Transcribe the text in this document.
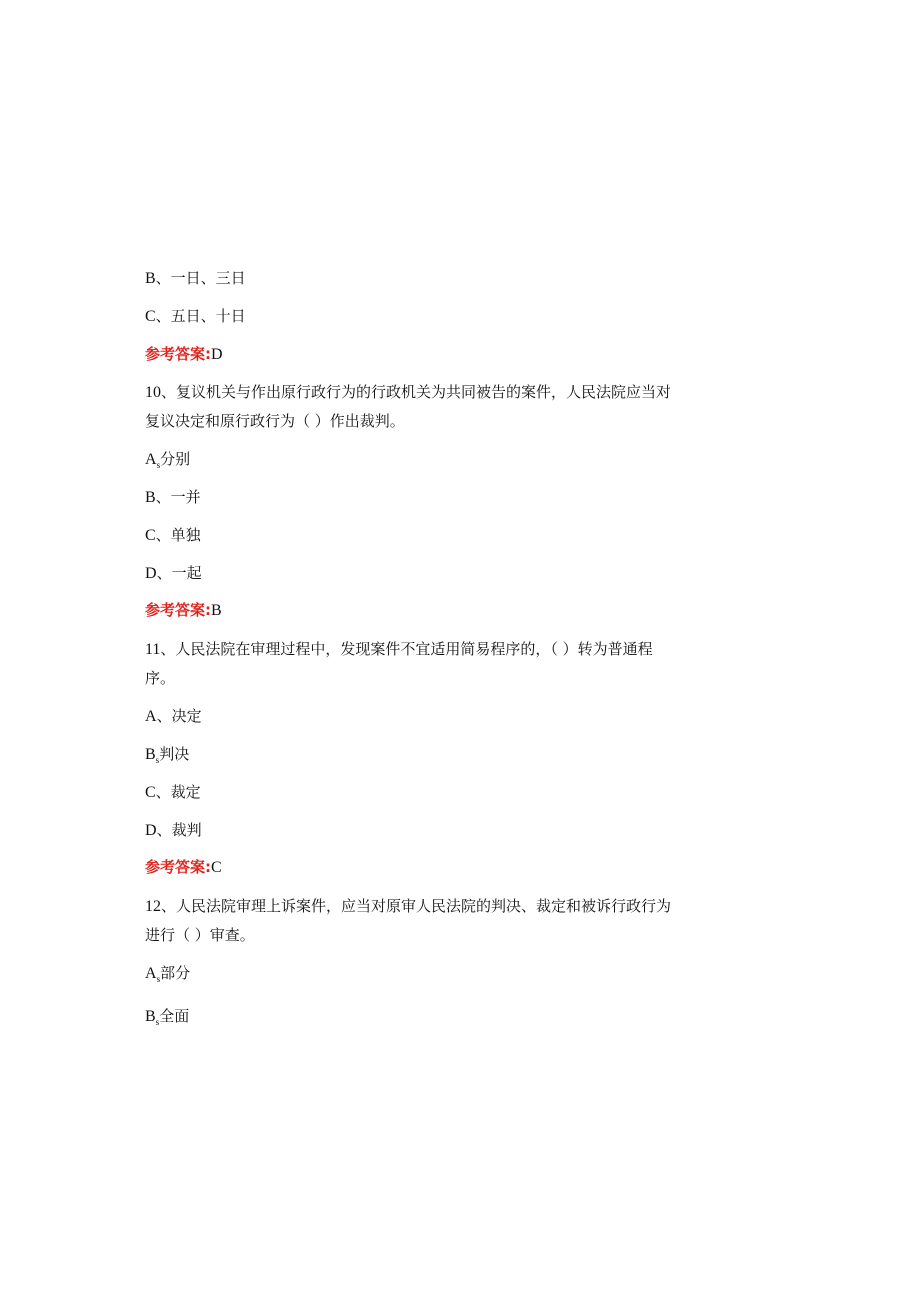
B、一日、三日
C、五日、十日
参考答案:D
10、复议机关与作出原行政行为的行政机关为共同被告的案件，人民法院应当对
复议决定和原行政行为（ ）作出裁判。
$A_s$分别
B、一并
C、单独
D、一起
参考答案:B
11、人民法院在审理过程中，发现案件不宜适用简易程序的，（ ）转为普通程
序。
A、决定
$B_s$判决
C、裁定
D、裁判
参考答案:C
12、人民法院审理上诉案件，应当对原审人民法院的判决、裁定和被诉行政行为
进行（ ）审查。
$A_s$部分
$B_s$全面
